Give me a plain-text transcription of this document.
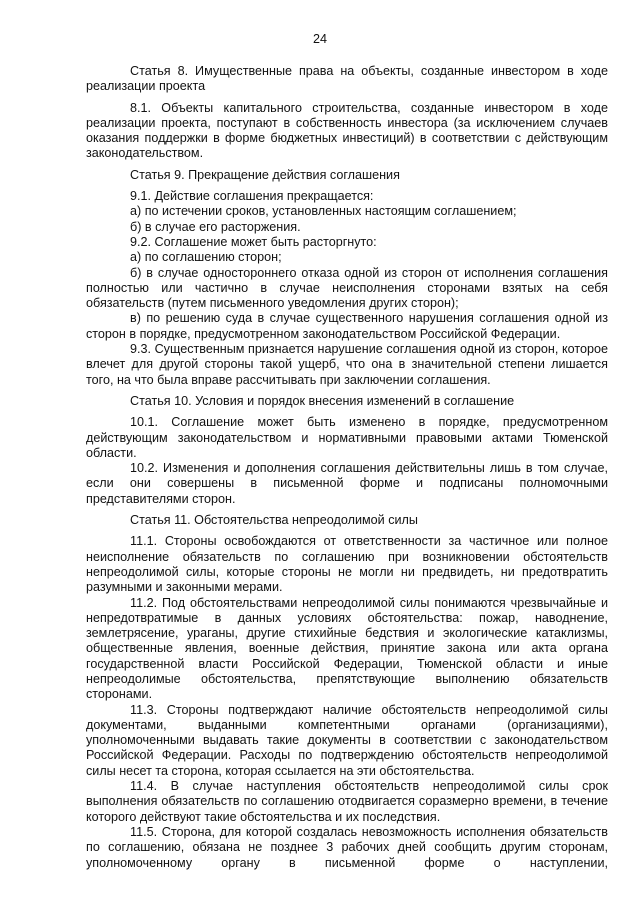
24

Статья 8. Имущественные права на объекты, созданные инвестором в ходе реализации проекта

8.1. Объекты капитального строительства, созданные инвестором в ходе реализации проекта, поступают в собственность инвестора (за исключением случаев оказания поддержки в форме бюджетных инвестиций) в соответствии с действующим законодательством.

Статья 9. Прекращение действия соглашения

9.1. Действие соглашения прекращается:

а) по истечении сроков, установленных настоящим соглашением;

б) в случае его расторжения.

9.2. Соглашение может быть расторгнуто:

а) по соглашению сторон;

б) в случае одностороннего отказа одной из сторон от исполнения соглашения полностью или частично в случае неисполнения сторонами взятых на себя обязательств (путем письменного уведомления других сторон);

в) по решению суда в случае существенного нарушения соглашения одной из сторон в порядке, предусмотренном законодательством Российской Федерации.

9.3. Существенным признается нарушение соглашения одной из сторон, которое влечет для другой стороны такой ущерб, что она в значительной степени лишается того, на что была вправе рассчитывать при заключении соглашения.

Статья 10. Условия и порядок внесения изменений в соглашение

10.1. Соглашение может быть изменено в порядке, предусмотренном действующим законодательством и нормативными правовыми актами Тюменской области.

10.2. Изменения и дополнения соглашения действительны лишь в том случае, если они совершены в письменной форме и подписаны полномочными представителями сторон.

Статья 11. Обстоятельства непреодолимой силы

11.1. Стороны освобождаются от ответственности за частичное или полное неисполнение обязательств по соглашению при возникновении обстоятельств непреодолимой силы, которые стороны не могли ни предвидеть, ни предотвратить разумными и законными мерами.

11.2. Под обстоятельствами непреодолимой силы понимаются чрезвычайные и непредотвратимые в данных условиях обстоятельства: пожар, наводнение, землетрясение, ураганы, другие стихийные бедствия и экологические катаклизмы, общественные явления, военные действия, принятие закона или акта органа государственной власти Российской Федерации, Тюменской области и иные непреодолимые обстоятельства, препятствующие выполнению обязательств сторонами.

11.3. Стороны подтверждают наличие обстоятельств непреодолимой силы документами, выданными компетентными органами (организациями), уполномоченными выдавать такие документы в соответствии с законодательством Российской Федерации. Расходы по подтверждению обстоятельств непреодолимой силы несет та сторона, которая ссылается на эти обстоятельства.

11.4. В случае наступления обстоятельств непреодолимой силы срок выполнения обязательств по соглашению отодвигается соразмерно времени, в течение которого действуют такие обстоятельства и их последствия.

11.5. Сторона, для которой создалась невозможность исполнения обязательств по соглашению, обязана не позднее 3 рабочих дней сообщить другим сторонам, уполномоченному органу в письменной форме о наступлении,
